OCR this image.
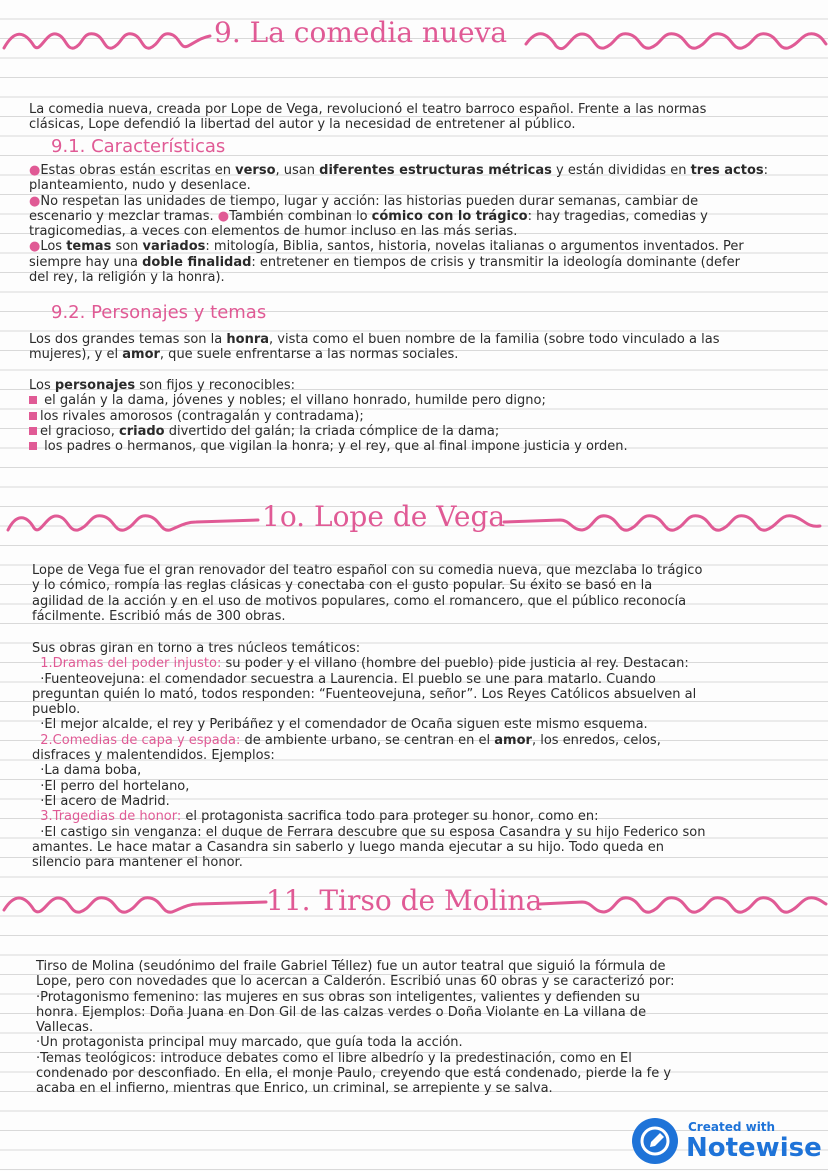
9. La comedia nueva
La comedia nueva, creada por Lope de Vega, revolucionó el teatro barroco español. Frente a las normas
clásicas, Lope defendió la libertad del autor y la necesidad de entretener al público.
9.1. Características
●Estas obras están escritas en verso, usan diferentes estructuras métricas y están divididas en tres actos:
planteamiento, nudo y desenlace.
●No respetan las unidades de tiempo, lugar y acción: las historias pueden durar semanas, cambiar de
escenario y mezclar tramas. ●También combinan lo cómico con lo trágico: hay tragedias, comedias y
tragicomedias, a veces con elementos de humor incluso en las más serias.
●Los temas son variados: mitología, Biblia, santos, historia, novelas italianas o argumentos inventados. Per
siempre hay una doble finalidad: entretener en tiempos de crisis y transmitir la ideología dominante (defer
del rey, la religión y la honra).
9.2. Personajes y temas
Los dos grandes temas son la honra, vista como el buen nombre de la familia (sobre todo vinculado a las
mujeres), y el amor, que suele enfrentarse a las normas sociales.
Los personajes son fijos y reconocibles:
el galán y la dama, jóvenes y nobles; el villano honrado, humilde pero digno;
los rivales amorosos (contragalán y contradama);
el gracioso, criado divertido del galán; la criada cómplice de la dama;
los padres o hermanos, que vigilan la honra; y el rey, que al final impone justicia y orden.
1o. Lope de Vega
Lope de Vega fue el gran renovador del teatro español con su comedia nueva, que mezclaba lo trágico
y lo cómico, rompía las reglas clásicas y conectaba con el gusto popular. Su éxito se basó en la
agilidad de la acción y en el uso de motivos populares, como el romancero, que el público reconocía
fácilmente. Escribió más de 300 obras.
Sus obras giran en torno a tres núcleos temáticos:
1.Dramas del poder injusto: su poder y el villano (hombre del pueblo) pide justicia al rey. Destacan:
·Fuenteovejuna: el comendador secuestra a Laurencia. El pueblo se une para matarlo. Cuando
preguntan quién lo mató, todos responden: “Fuenteovejuna, señor”. Los Reyes Católicos absuelven al
pueblo.
·El mejor alcalde, el rey y Peribáñez y el comendador de Ocaña siguen este mismo esquema.
2.Comedias de capa y espada: de ambiente urbano, se centran en el amor, los enredos, celos,
disfraces y malentendidos. Ejemplos:
·La dama boba,
·El perro del hortelano,
·El acero de Madrid.
3.Tragedias de honor: el protagonista sacrifica todo para proteger su honor, como en:
·El castigo sin venganza: el duque de Ferrara descubre que su esposa Casandra y su hijo Federico son
amantes. Le hace matar a Casandra sin saberlo y luego manda ejecutar a su hijo. Todo queda en
silencio para mantener el honor.
11. Tirso de Molina
Tirso de Molina (seudónimo del fraile Gabriel Téllez) fue un autor teatral que siguió la fórmula de
Lope, pero con novedades que lo acercan a Calderón. Escribió unas 60 obras y se caracterizó por:
·Protagonismo femenino: las mujeres en sus obras son inteligentes, valientes y defienden su
honra. Ejemplos: Doña Juana en Don Gil de las calzas verdes o Doña Violante en La villana de
Vallecas.
·Un protagonista principal muy marcado, que guía toda la acción.
·Temas teológicos: introduce debates como el libre albedrío y la predestinación, como en El
condenado por desconfiado. En ella, el monje Paulo, creyendo que está condenado, pierde la fe y
acaba en el infierno, mientras que Enrico, un criminal, se arrepiente y se salva.
Created with
Notewise
